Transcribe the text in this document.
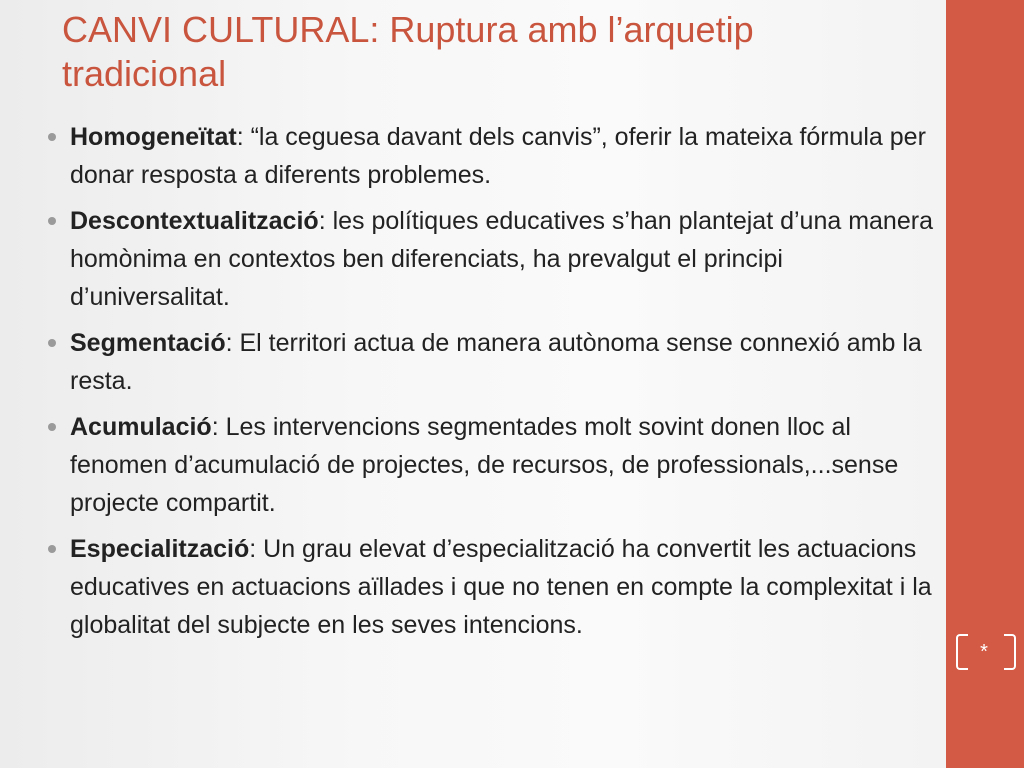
CANVI CULTURAL: Ruptura amb l’arquetip tradicional
Homogeneïtat: “la ceguesa davant dels canvis”, oferir la mateixa fórmula per donar resposta a diferents problemes.
Descontextualització: les polítiques educatives s’han plantejat d’una manera homònima en contextos ben diferenciats, ha prevalgut el principi d’universalitat.
Segmentació: El territori actua de manera autònoma sense connexió amb la resta.
Acumulació: Les intervencions segmentades molt sovint donen lloc al fenomen d’acumulació de projectes, de recursos, de professionals,...sense projecte compartit.
Especialització: Un grau elevat d’especialització ha convertit les actuacions educatives en actuacions aïllades i que no tenen en compte la complexitat i la globalitat del subjecte en les seves intencions.
*
